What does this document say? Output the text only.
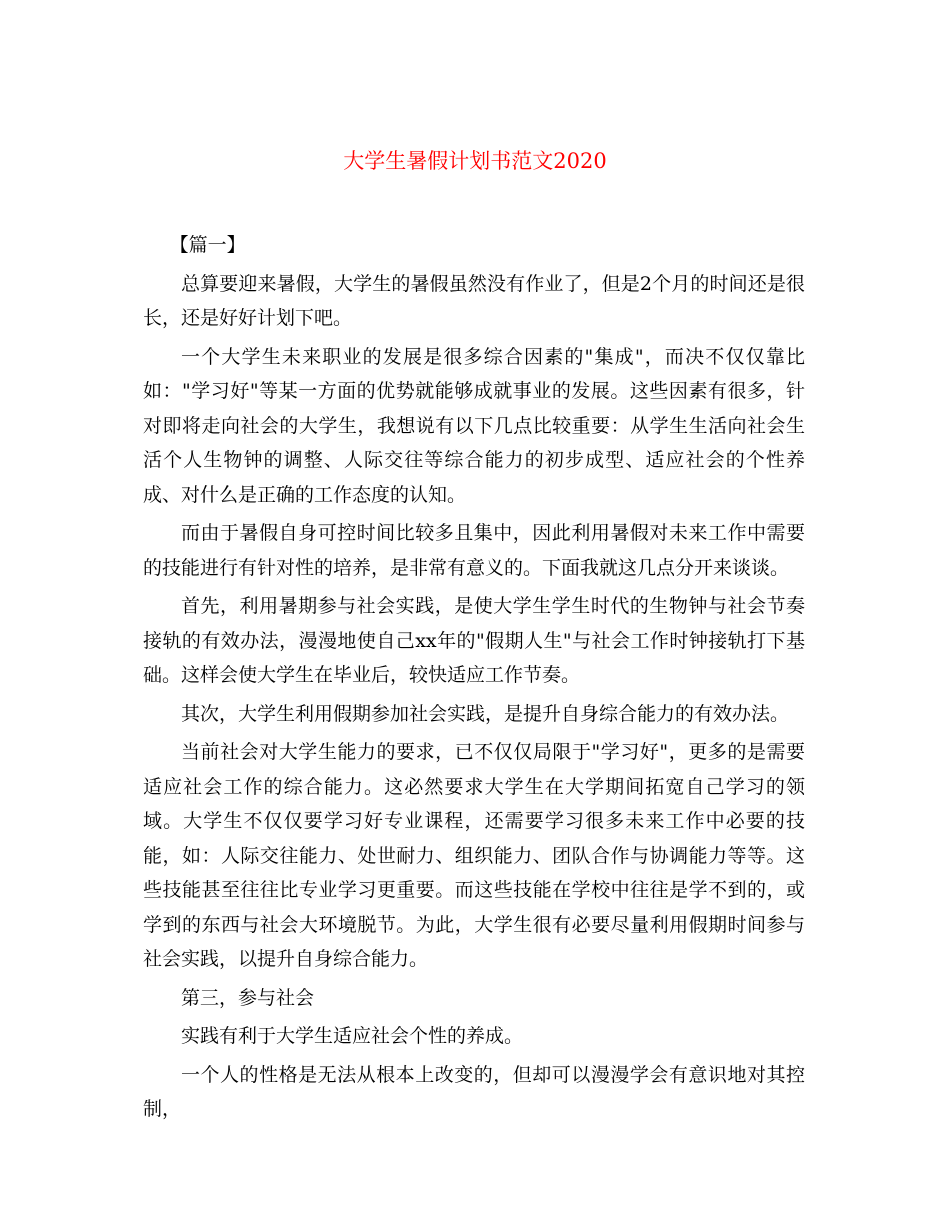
大学生暑假计划书范文2020

【篇一】

总算要迎来暑假，大学生的暑假虽然没有作业了，但是2个月的时间还是很长，还是好好计划下吧。

一个大学生未来职业的发展是很多综合因素的"集成"，而决不仅仅靠比如："学习好"等某一方面的优势就能够成就事业的发展。这些因素有很多，针对即将走向社会的大学生，我想说有以下几点比较重要：从学生生活向社会生活个人生物钟的调整、人际交往等综合能力的初步成型、适应社会的个性养成、对什么是正确的工作态度的认知。

而由于暑假自身可控时间比较多且集中，因此利用暑假对未来工作中需要的技能进行有针对性的培养，是非常有意义的。下面我就这几点分开来谈谈。

首先，利用暑期参与社会实践，是使大学生学生时代的生物钟与社会节奏接轨的有效办法，漫漫地使自己xx年的"假期人生"与社会工作时钟接轨打下基础。这样会使大学生在毕业后，较快适应工作节奏。

其次，大学生利用假期参加社会实践，是提升自身综合能力的有效办法。

当前社会对大学生能力的要求，已不仅仅局限于"学习好"，更多的是需要适应社会工作的综合能力。这必然要求大学生在大学期间拓宽自己学习的领域。大学生不仅仅要学习好专业课程，还需要学习很多未来工作中必要的技能，如：人际交往能力、处世耐力、组织能力、团队合作与协调能力等等。这些技能甚至往往比专业学习更重要。而这些技能在学校中往往是学不到的，或学到的东西与社会大环境脱节。为此，大学生很有必要尽量利用假期时间参与社会实践，以提升自身综合能力。

第三，参与社会

实践有利于大学生适应社会个性的养成。

一个人的性格是无法从根本上改变的，但却可以漫漫学会有意识地对其控制，
